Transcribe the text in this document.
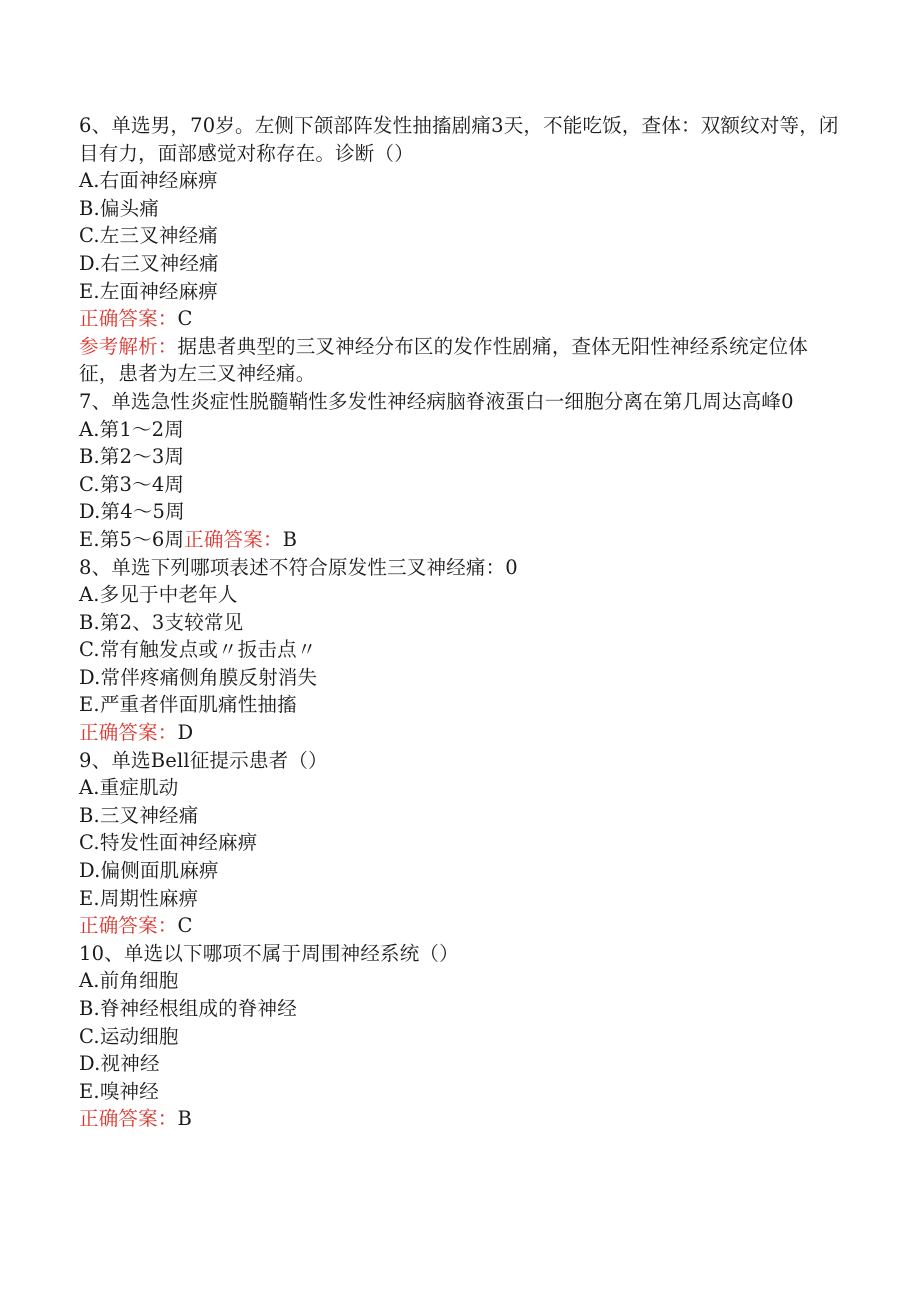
6、单选男，70岁。左侧下颌部阵发性抽搐剧痛3天，不能吃饭，查体：双额纹对等，闭目有力，面部感觉对称存在。诊断（）
A.右面神经麻痹
B.偏头痛
C.左三叉神经痛
D.右三叉神经痛
E.左面神经麻痹
正确答案：C
参考解析：据患者典型的三叉神经分布区的发作性剧痛，查体无阳性神经系统定位体征，患者为左三叉神经痛。
7、单选急性炎症性脱髓鞘性多发性神经病脑脊液蛋白一细胞分离在第几周达高峰0
A.第1～2周
B.第2～3周
C.第3～4周
D.第4～5周
E.第5～6周正确答案：B
8、单选下列哪项表述不符合原发性三叉神经痛：0
A.多见于中老年人
B.第2、3支较常见
C.常有触发点或〃扳击点〃
D.常伴疼痛侧角膜反射消失
E.严重者伴面肌痛性抽搐
正确答案：D
9、单选Bell征提示患者（）
A.重症肌动
B.三叉神经痛
C.特发性面神经麻痹
D.偏侧面肌麻痹
E.周期性麻痹
正确答案：C
10、单选以下哪项不属于周围神经系统（）
A.前角细胞
B.脊神经根组成的脊神经
C.运动细胞
D.视神经
E.嗅神经
正确答案：B
